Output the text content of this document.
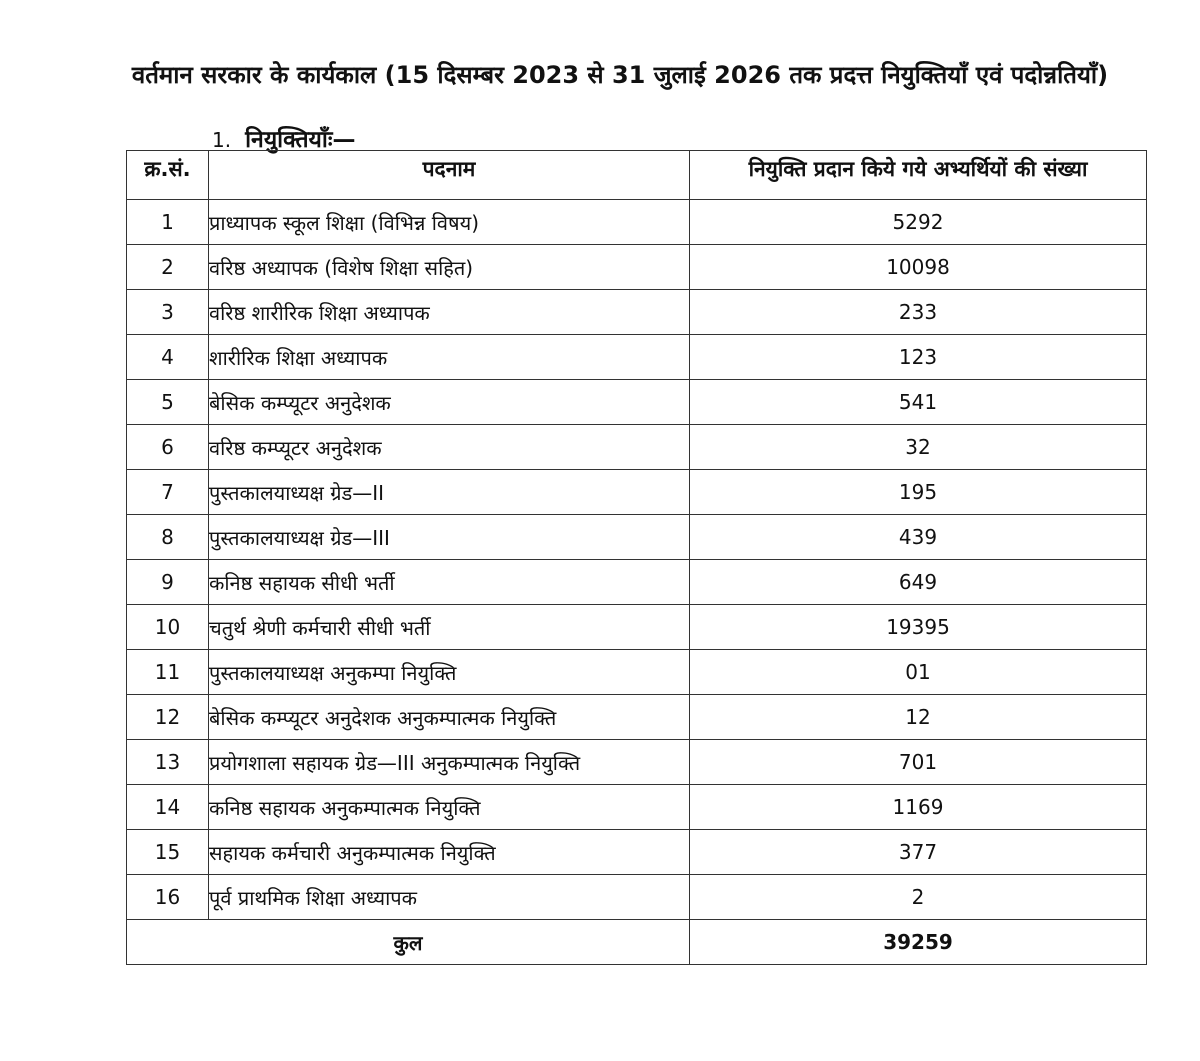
वर्तमान सरकार के कार्यकाल (15 दिसम्बर 2023 से 31 जुलाई 2026 तक प्रदत्त नियुक्तियाँ एवं पदोन्नतियाँ)
1. नियुक्तियाँः—
क्र.सं.	पदनाम	नियुक्ति प्रदान किये गये अभ्यर्थियों की संख्या
1	प्राध्यापक स्कूल शिक्षा (विभिन्न विषय)	5292
2	वरिष्ठ अध्यापक (विशेष शिक्षा सहित)	10098
3	वरिष्ठ शारीरिक शिक्षा अध्यापक	233
4	शारीरिक शिक्षा अध्यापक	123
5	बेसिक कम्प्यूटर अनुदेशक	541
6	वरिष्ठ कम्प्यूटर अनुदेशक	32
7	पुस्तकालयाध्यक्ष ग्रेड—II	195
8	पुस्तकालयाध्यक्ष ग्रेड—III	439
9	कनिष्ठ सहायक सीधी भर्ती	649
10	चतुर्थ श्रेणी कर्मचारी सीधी भर्ती	19395
11	पुस्तकालयाध्यक्ष अनुकम्पा नियुक्ति	01
12	बेसिक कम्प्यूटर अनुदेशक अनुकम्पात्मक नियुक्ति	12
13	प्रयोगशाला सहायक ग्रेड—III अनुकम्पात्मक नियुक्ति	701
14	कनिष्ठ सहायक अनुकम्पात्मक नियुक्ति	1169
15	सहायक कर्मचारी अनुकम्पात्मक नियुक्ति	377
16	पूर्व प्राथमिक शिक्षा अध्यापक	2
कुल		39259
